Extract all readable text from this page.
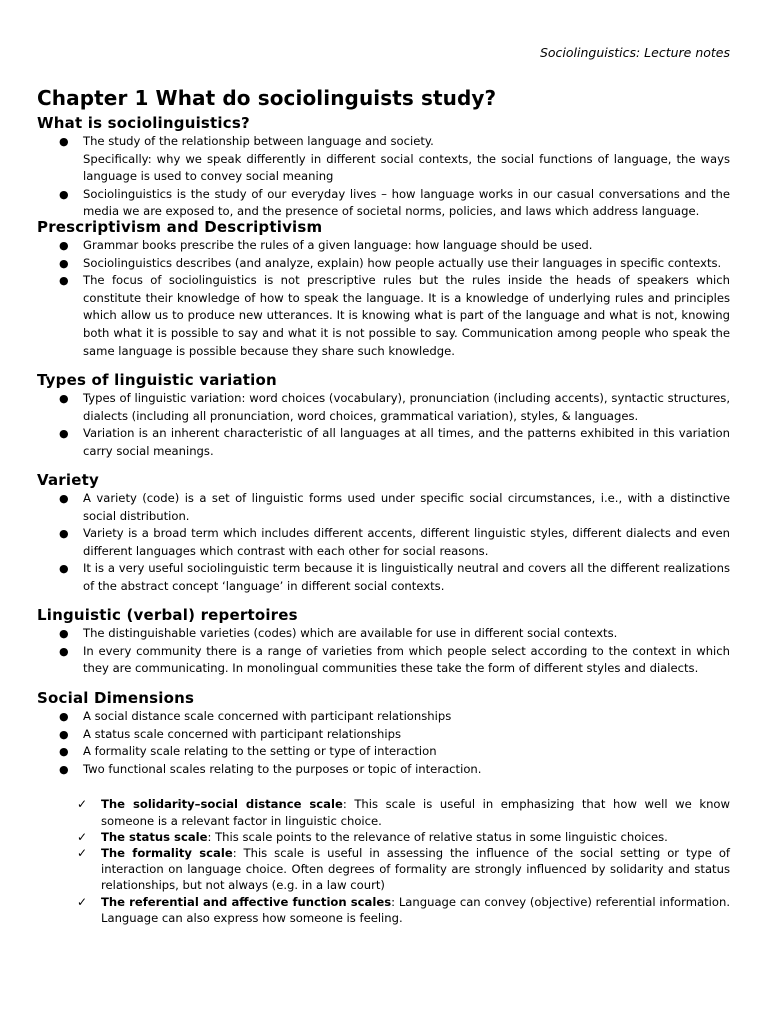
Sociolinguistics: Lecture notes
Chapter 1 What do sociolinguists study?
What is sociolinguistics?
● The study of the relationship between language and society.
Specifically: why we speak differently in different social contexts, the social functions of language, the ways language is used to convey social meaning
● Sociolinguistics is the study of our everyday lives – how language works in our casual conversations and the media we are exposed to, and the presence of societal norms, policies, and laws which address language.
Prescriptivism and Descriptivism
● Grammar books prescribe the rules of a given language: how language should be used.
● Sociolinguistics describes (and analyze, explain) how people actually use their languages in specific contexts.
● The focus of sociolinguistics is not prescriptive rules but the rules inside the heads of speakers which constitute their knowledge of how to speak the language. It is a knowledge of underlying rules and principles which allow us to produce new utterances. It is knowing what is part of the language and what is not, knowing both what it is possible to say and what it is not possible to say. Communication among people who speak the same language is possible because they share such knowledge.
Types of linguistic variation
● Types of linguistic variation: word choices (vocabulary), pronunciation (including accents), syntactic structures, dialects (including all pronunciation, word choices, grammatical variation), styles, & languages.
● Variation is an inherent characteristic of all languages at all times, and the patterns exhibited in this variation carry social meanings.
Variety
● A variety (code) is a set of linguistic forms used under specific social circumstances, i.e., with a distinctive social distribution.
● Variety is a broad term which includes different accents, different linguistic styles, different dialects and even different languages which contrast with each other for social reasons.
● It is a very useful sociolinguistic term because it is linguistically neutral and covers all the different realizations of the abstract concept ‘language’ in different social contexts.
Linguistic (verbal) repertoires
● The distinguishable varieties (codes) which are available for use in different social contexts.
● In every community there is a range of varieties from which people select according to the context in which they are communicating. In monolingual communities these take the form of different styles and dialects.
Social Dimensions
● A social distance scale concerned with participant relationships
● A status scale concerned with participant relationships
● A formality scale relating to the setting or type of interaction
● Two functional scales relating to the purposes or topic of interaction.
✓ The solidarity–social distance scale: This scale is useful in emphasizing that how well we know someone is a relevant factor in linguistic choice.
✓ The status scale: This scale points to the relevance of relative status in some linguistic choices.
✓ The formality scale: This scale is useful in assessing the influence of the social setting or type of interaction on language choice. Often degrees of formality are strongly influenced by solidarity and status relationships, but not always (e.g. in a law court)
✓ The referential and affective function scales: Language can convey (objective) referential information. Language can also express how someone is feeling.
